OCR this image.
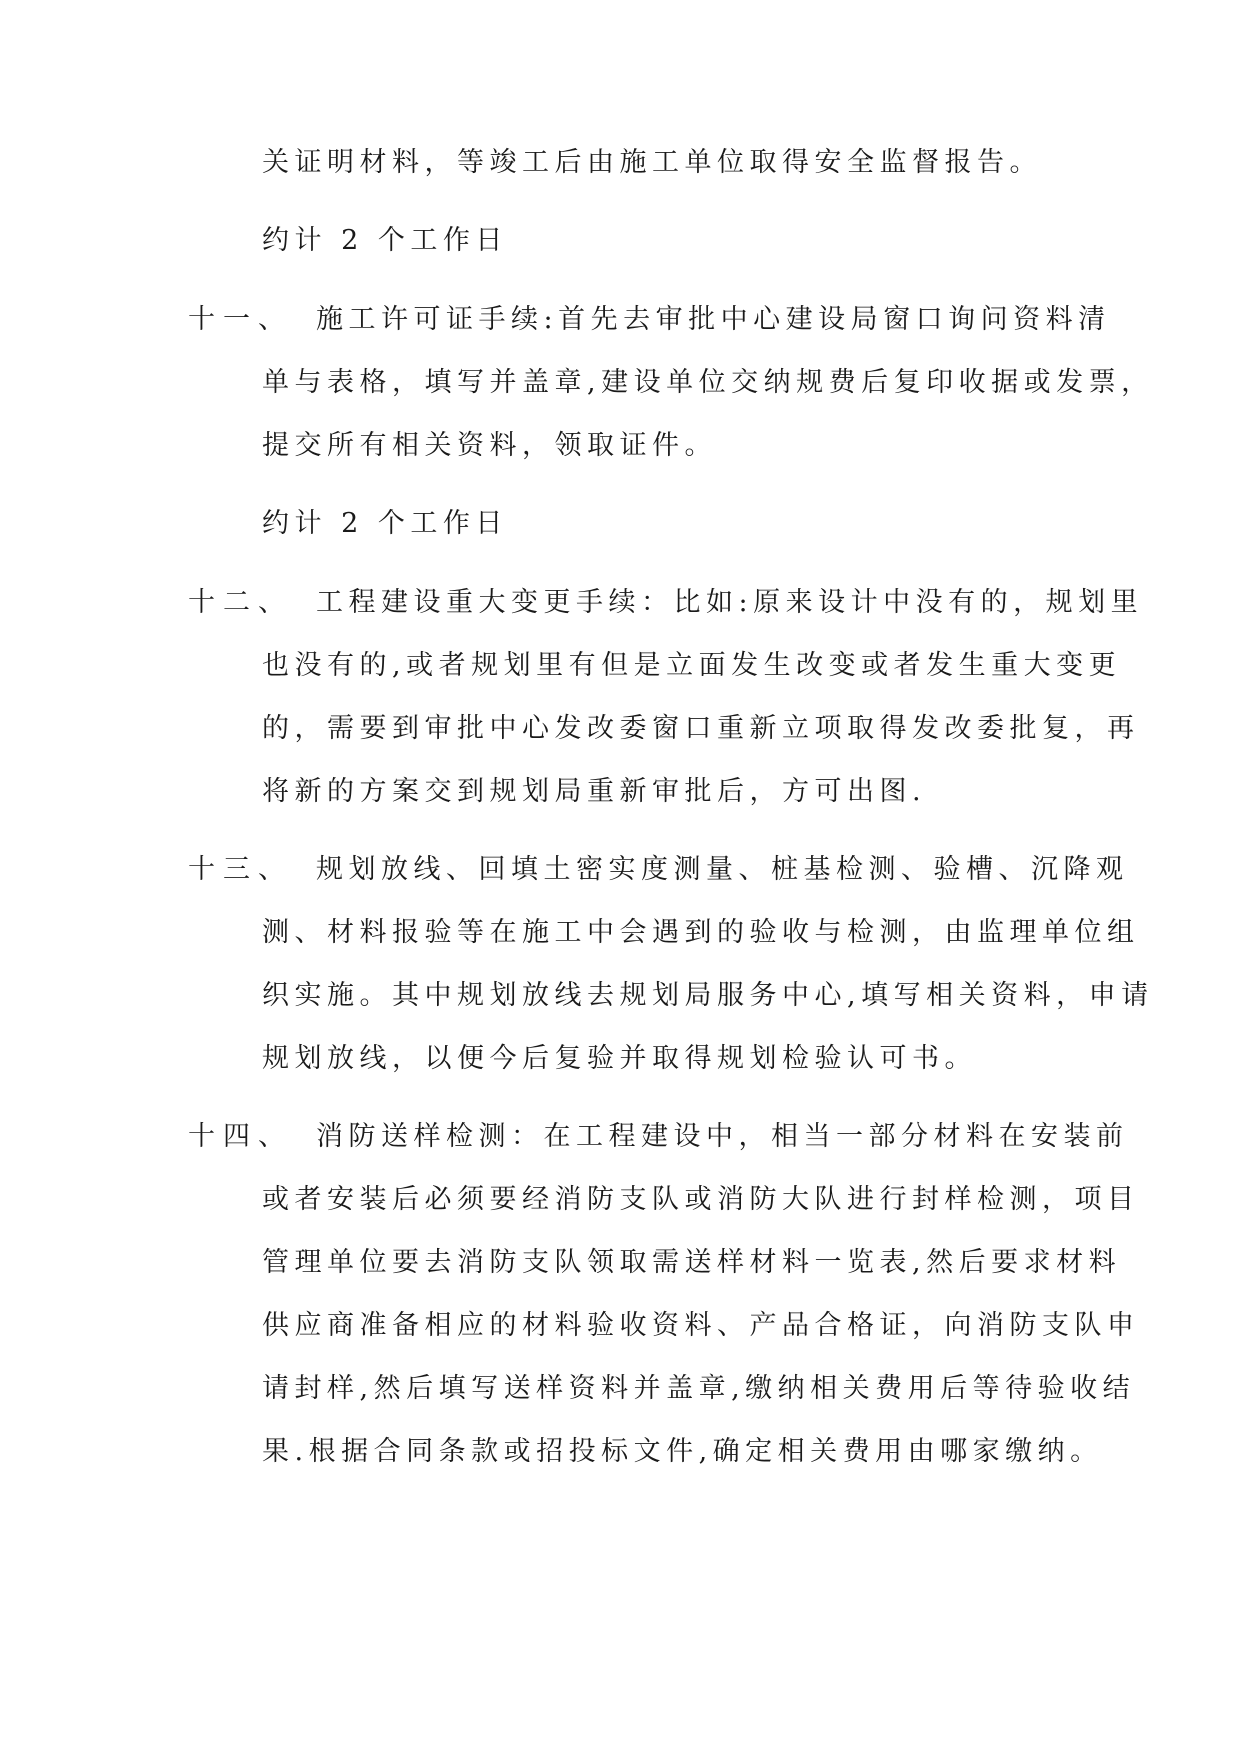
关证明材料，等竣工后由施工单位取得安全监督报告。
约计 2 个工作日
十一、 施工许可证手续:首先去审批中心建设局窗口询问资料清
单与表格，填写并盖章,建设单位交纳规费后复印收据或发票，
提交所有相关资料，领取证件。
约计 2 个工作日
十二、 工程建设重大变更手续：比如:原来设计中没有的，规划里
也没有的,或者规划里有但是立面发生改变或者发生重大变更
的，需要到审批中心发改委窗口重新立项取得发改委批复，再
将新的方案交到规划局重新审批后，方可出图.
十三、 规划放线、回填土密实度测量、桩基检测、验槽、沉降观
测、材料报验等在施工中会遇到的验收与检测，由监理单位组
织实施。其中规划放线去规划局服务中心,填写相关资料，申请
规划放线，以便今后复验并取得规划检验认可书。
十四、 消防送样检测：在工程建设中，相当一部分材料在安装前
或者安装后必须要经消防支队或消防大队进行封样检测，项目
管理单位要去消防支队领取需送样材料一览表,然后要求材料
供应商准备相应的材料验收资料、产品合格证，向消防支队申
请封样,然后填写送样资料并盖章,缴纳相关费用后等待验收结
果.根据合同条款或招投标文件,确定相关费用由哪家缴纳。
